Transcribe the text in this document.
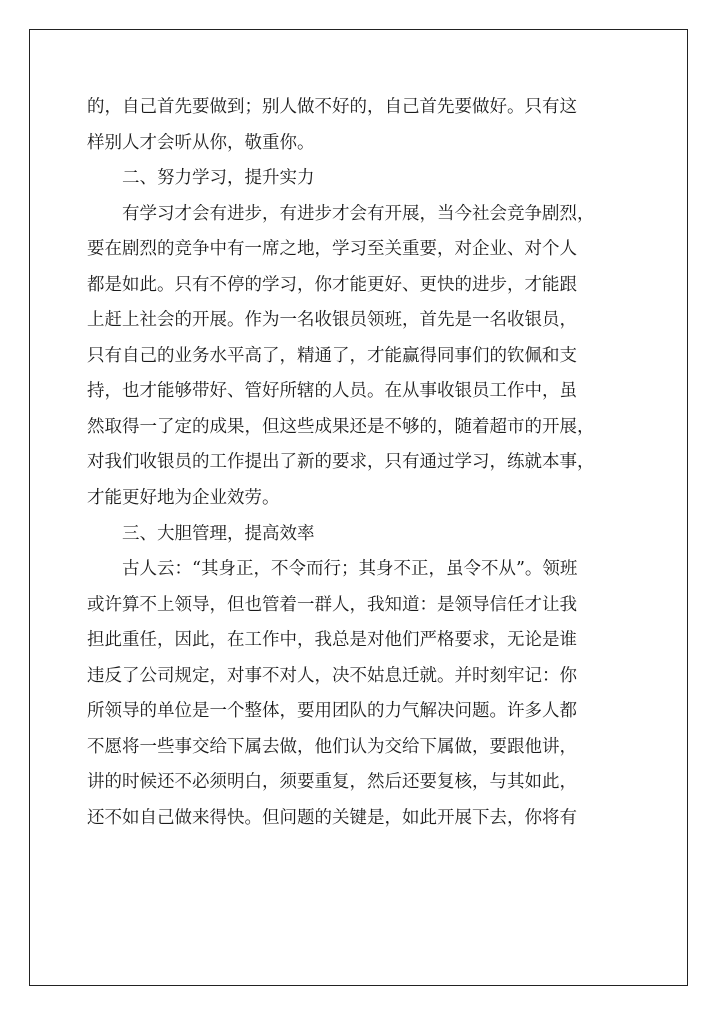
的，自己首先要做到；别人做不好的，自己首先要做好。只有这
样别人才会听从你，敬重你。
二、努力学习，提升实力
有学习才会有进步，有进步才会有开展，当今社会竞争剧烈，
要在剧烈的竞争中有一席之地，学习至关重要，对企业、对个人
都是如此。只有不停的学习，你才能更好、更快的进步，才能跟
上赶上社会的开展。作为一名收银员领班，首先是一名收银员，
只有自己的业务水平高了，精通了，才能赢得同事们的钦佩和支
持，也才能够带好、管好所辖的人员。在从事收银员工作中，虽
然取得一了定的成果，但这些成果还是不够的，随着超市的开展，
对我们收银员的工作提出了新的要求，只有通过学习，练就本事，
才能更好地为企业效劳。
三、大胆管理，提高效率
古人云：“其身正，不令而行；其身不正，虽令不从”。领班
或许算不上领导，但也管着一群人，我知道：是领导信任才让我
担此重任，因此，在工作中，我总是对他们严格要求，无论是谁
违反了公司规定，对事不对人，决不姑息迁就。并时刻牢记：你
所领导的单位是一个整体，要用团队的力气解决问题。许多人都
不愿将一些事交给下属去做，他们认为交给下属做，要跟他讲，
讲的时候还不必须明白，须要重复，然后还要复核，与其如此，
还不如自己做来得快。但问题的关键是，如此开展下去，你将有
